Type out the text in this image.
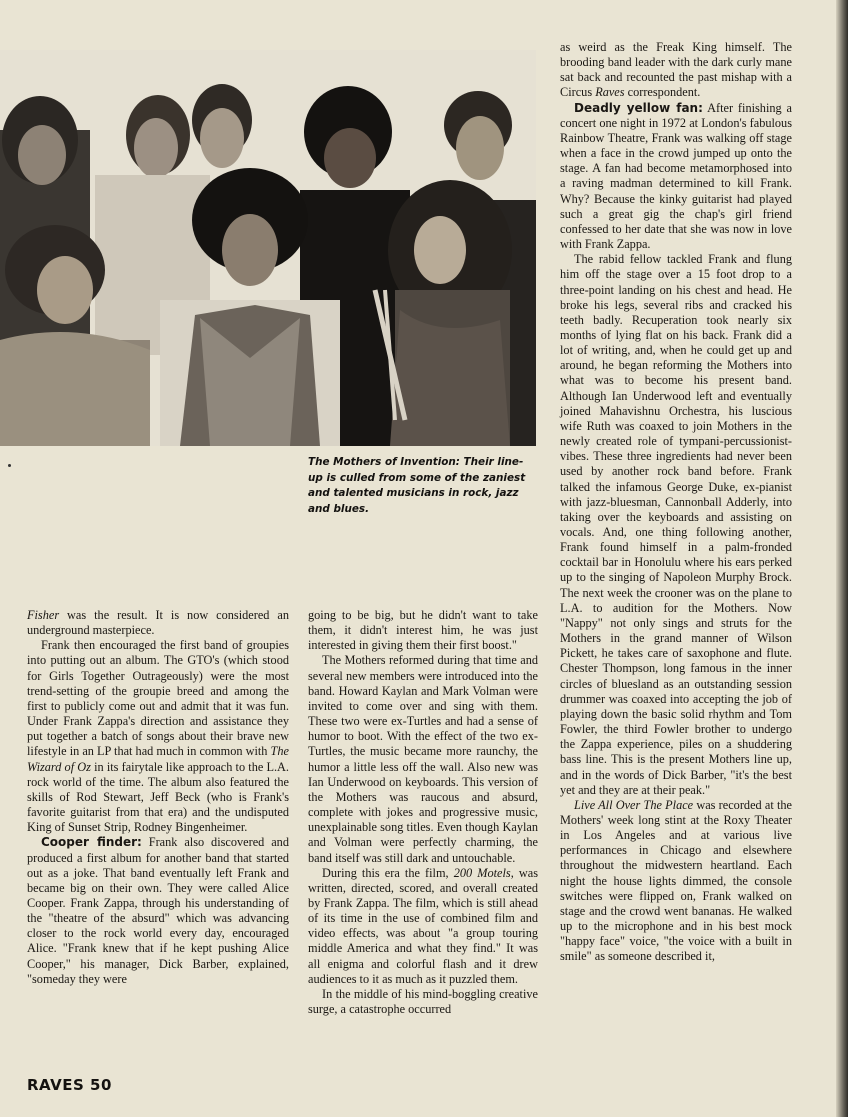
The Mothers of Invention: Their line-up is culled from some of the zaniest and talented musicians in rock, jazz and blues.

Fisher was the result. It is now considered an underground masterpiece.

Frank then encouraged the first band of groupies into putting out an album. The GTO's (which stood for Girls Together Outrageously) were the most trend-setting of the groupie breed and among the first to publicly come out and admit that it was fun. Under Frank Zappa's direction and assistance they put together a batch of songs about their brave new lifestyle in an LP that had much in common with The Wizard of Oz in its fairytale like approach to the L.A. rock world of the time. The album also featured the skills of Rod Stewart, Jeff Beck (who is Frank's favorite guitarist from that era) and the undisputed King of Sunset Strip, Rodney Bingenheimer.

Cooper finder: Frank also discovered and produced a first album for another band that started out as a joke. That band eventually left Frank and became big on their own. They were called Alice Cooper. Frank Zappa, through his understanding of the "theatre of the absurd" which was advancing closer to the rock world every day, encouraged Alice. "Frank knew that if he kept pushing Alice Cooper," his manager, Dick Barber, explained, "someday they were

going to be big, but he didn't want to take them, it didn't interest him, he was just interested in giving them their first boost."

The Mothers reformed during that time and several new members were introduced into the band. Howard Kaylan and Mark Volman were invited to come over and sing with them. These two were ex-Turtles and had a sense of humor to boot. With the effect of the two ex-Turtles, the music became more raunchy, the humor a little less off the wall. Also new was Ian Underwood on keyboards. This version of the Mothers was raucous and absurd, complete with jokes and progressive music, unexplainable song titles. Even though Kaylan and Volman were perfectly charming, the band itself was still dark and untouchable.

During this era the film, 200 Motels, was written, directed, scored, and overall created by Frank Zappa. The film, which is still ahead of its time in the use of combined film and video effects, was about "a group touring middle America and what they find." It was all enigma and colorful flash and it drew audiences to it as much as it puzzled them.

In the middle of his mind-boggling creative surge, a catastrophe occurred

as weird as the Freak King himself. The brooding band leader with the dark curly mane sat back and recounted the past mishap with a Circus Raves correspondent.

Deadly yellow fan: After finishing a concert one night in 1972 at London's fabulous Rainbow Theatre, Frank was walking off stage when a face in the crowd jumped up onto the stage. A fan had become metamorphosed into a raving madman determined to kill Frank. Why? Because the kinky guitarist had played such a great gig the chap's girl friend confessed to her date that she was now in love with Frank Zappa.

The rabid fellow tackled Frank and flung him off the stage over a 15 foot drop to a three-point landing on his chest and head. He broke his legs, several ribs and cracked his teeth badly. Recuperation took nearly six months of lying flat on his back. Frank did a lot of writing, and, when he could get up and around, he began reforming the Mothers into what was to become his present band. Although Ian Underwood left and eventually joined Mahavishnu Orchestra, his luscious wife Ruth was coaxed to join Mothers in the newly created role of tympani-percussionist-vibes. These three ingredients had never been used by another rock band before. Frank talked the infamous George Duke, ex-pianist with jazz-bluesman, Cannonball Adderly, into taking over the keyboards and assisting on vocals. And, one thing following another, Frank found himself in a palm-fronded cocktail bar in Honolulu where his ears perked up to the singing of Napoleon Murphy Brock. The next week the crooner was on the plane to L.A. to audition for the Mothers. Now "Nappy" not only sings and struts for the Mothers in the grand manner of Wilson Pickett, he takes care of saxophone and flute. Chester Thompson, long famous in the inner circles of bluesland as an outstanding session drummer was coaxed into accepting the job of playing down the basic solid rhythm and Tom Fowler, the third Fowler brother to undergo the Zappa experience, piles on a shuddering bass line. This is the present Mothers line up, and in the words of Dick Barber, "it's the best yet and they are at their peak."

Live All Over The Place was recorded at the Mothers' week long stint at the Roxy Theater in Los Angeles and at various live performances in Chicago and elsewhere throughout the midwestern heartland. Each night the house lights dimmed, the console switches were flipped on, Frank walked on stage and the crowd went bananas. He walked up to the microphone and in his best mock "happy face" voice, "the voice with a built in smile" as someone described it,

RAVES 50
